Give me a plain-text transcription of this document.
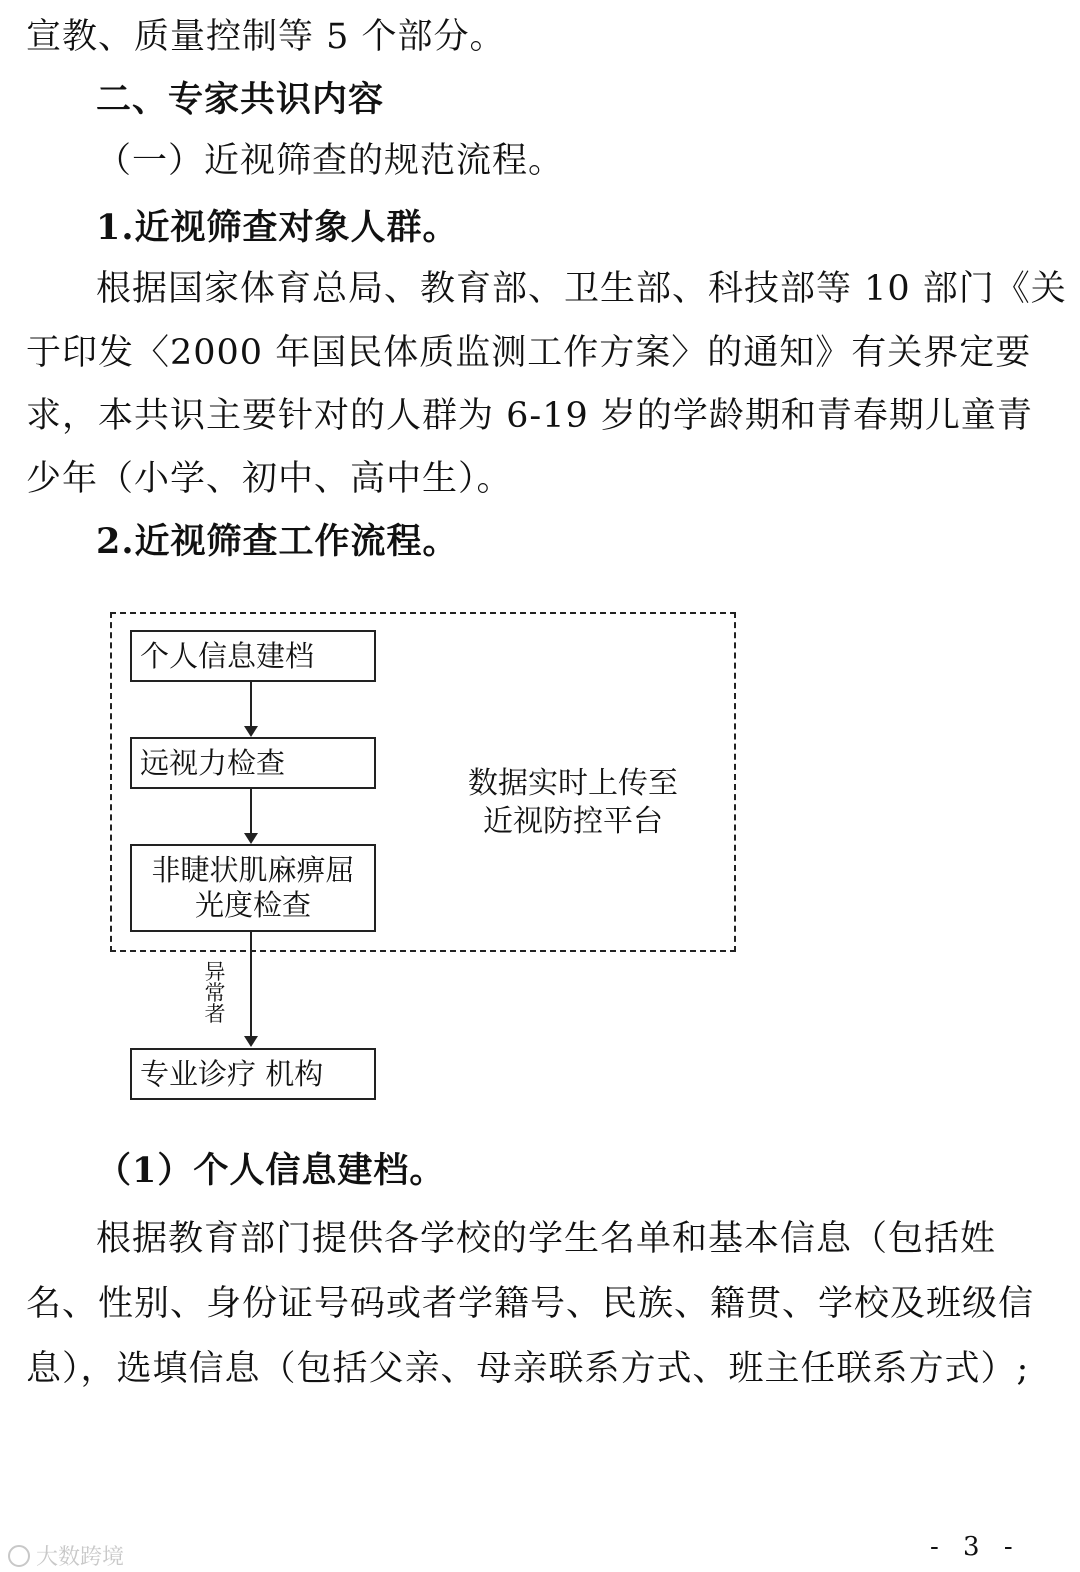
宣教、质量控制等 5 个部分。
二、专家共识内容
（一）近视筛查的规范流程。
1.近视筛查对象人群。
根据国家体育总局、教育部、卫生部、科技部等 10 部门《关
于印发〈2000 年国民体质监测工作方案〉的通知》有关界定要
求，本共识主要针对的人群为 6-19 岁的学龄期和青春期儿童青
少年（小学、初中、高中生）。
2.近视筛查工作流程。
个人信息建档
远视力检查
非睫状肌麻痹屈
光度检查
数据实时上传至
近视防控平台
异
常
者
专业诊疗 机构
（1）个人信息建档。
根据教育部门提供各学校的学生名单和基本信息（包括姓
名、性别、身份证号码或者学籍号、民族、籍贯、学校及班级信
息），选填信息（包括父亲、母亲联系方式、班主任联系方式）;
- 3 -
大数跨境
